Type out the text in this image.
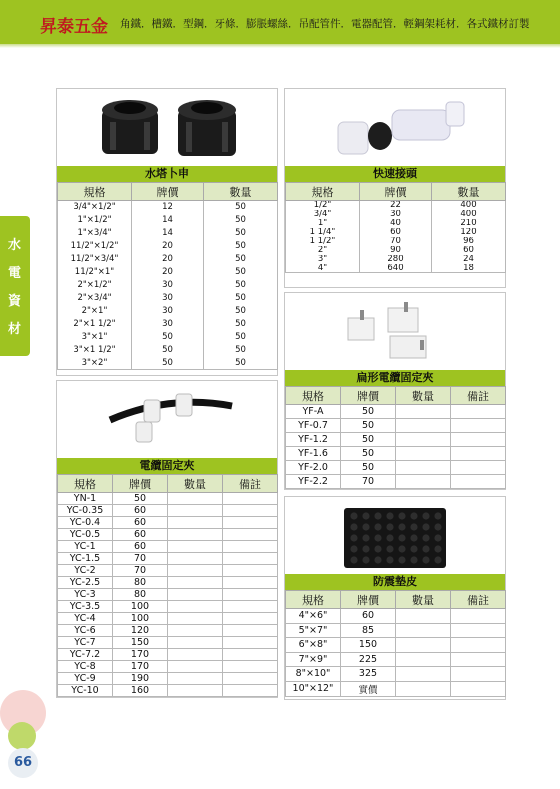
昇泰五金 角鐵．槽鐵．型鋼．牙條．膨脹螺絲．吊配管件．電器配管．輕鋼架耗材．各式鐵材訂製
水
電
資
材
66
水塔卜申
規格	牌價	數量
3/4"×1/2"	12	50
1"×1/2"	14	50
1"×3/4"	14	50
11/2"×1/2"	20	50
11/2"×3/4"	20	50
11/2"×1"	20	50
2"×1/2"	30	50
2"×3/4"	30	50
2"×1"	30	50
2"×1 1/2"	30	50
3"×1"	50	50
3"×1 1/2"	50	50
3"×2"	50	50
快速接頭
規格	牌價	數量
1/2"	22	400
3/4"	30	400
1"	40	210
1 1/4"	60	120
1 1/2"	70	96
2"	90	60
3"	280	24
4"	640	18
扁形電纜固定夾
規格	牌價	數量	備註
YF-A	50		
YF-0.7	50		
YF-1.2	50		
YF-1.6	50		
YF-2.0	50		
YF-2.2	70		
電纜固定夾
規格	牌價	數量	備註
YN-1	50		
YC-0.35	60		
YC-0.4	60		
YC-0.5	60		
YC-1	60		
YC-1.5	70		
YC-2	70		
YC-2.5	80		
YC-3	80		
YC-3.5	100		
YC-4	100		
YC-6	120		
YC-7	150		
YC-7.2	170		
YC-8	170		
YC-9	190		
YC-10	160		
防震墊皮
規格	牌價	數量	備註
4"×6"	60		
5"×7"	85		
6"×8"	150		
7"×9"	225		
8"×10"	325		
10"×12"	實價		
